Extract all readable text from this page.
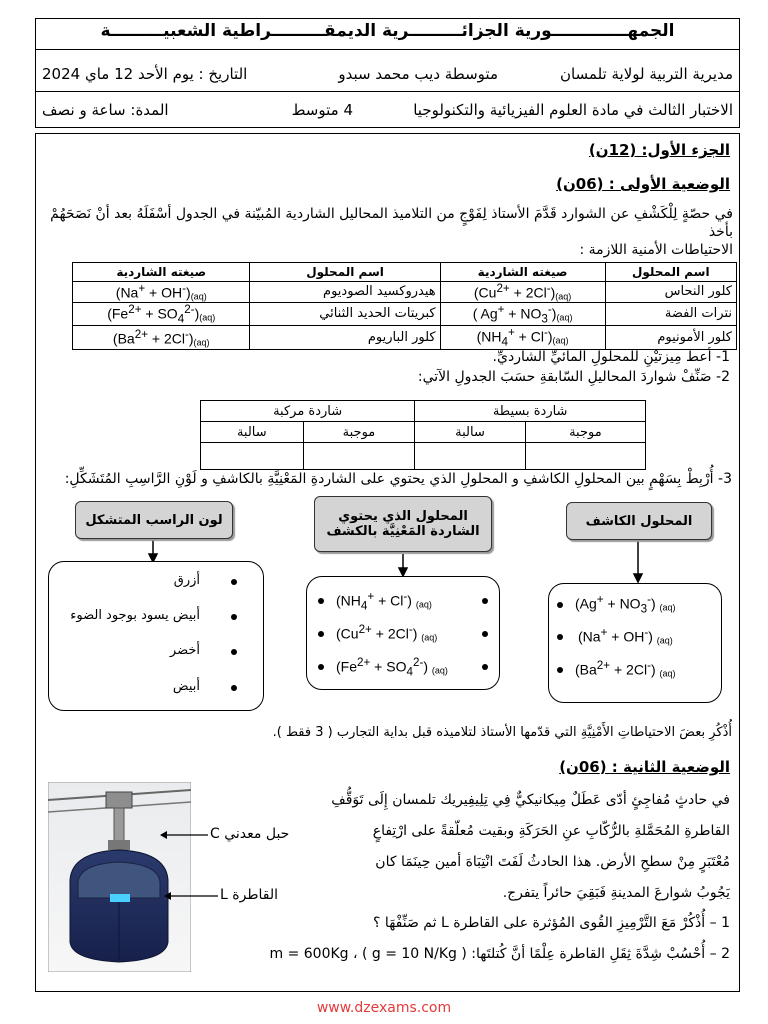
الجمهـــــــــــــورية الجزائـــــــــرية الديمقـــــــــراطية الشعبيـــــــــة
مديرية التربية لولاية تلمسان
متوسطة ديب محمد سبدو
التاريخ : يوم الأحد 12 ماي 2024
الاختبار الثالث في مادة العلوم الفيزيائية والتكنولوجيا
4 متوسط
المدة: ساعة و نصف
الجزء الأول: (12ن)
الوضعية الأولى : (06ن)
في حصّةٍ لِلْكَشْفِ عن الشوارد قَدَّمَ الأستاذ لِفَوْجٍ من التلاميذ المحاليل الشاردية المُبيّنة في الجدول أسْفَلَهُ بعد أنْ نَصَحَهُمْ بأخذ
الاحتياطات الأمنية اللازمة :
صيغته الشاردية	اسم المحلول	صيغته الشاردية	اسم المحلول
$(Na^+ + OH^-)_{(aq)}$	هيدروكسيد الصوديوم	$(Cu^{2+} + 2Cl^-)_{(aq)}$	كلور النحاس
$(Fe^{2+} + SO_4^{2-})_{(aq)}$	كبريتات الحديد الثنائي	( $Ag^+ + NO_3^-)_{(aq)}$	نترات الفضة
$(Ba^{2+} + 2Cl^-)_{(aq)}$	كلور الباريوم	$(NH_4^+ + Cl^-)_{(aq)}$	كلور الأمونيوم
1- أعط مِيزتيْنِ للمحلولِ المائيِّ الشارديِّ.
2- صَنِّفْ شواردَ المحاليلِ السّابقةِ حسَبَ الجدولِ الآتي:
شاردة بسيطة		شاردة مركبة	
موجبة	سالبة	موجبة	سالبة

3- أُرْبِطْ بِسَهْمٍ بين المحلولِ الكاشفِ و المحلولِ الذي يحتوي على الشاردةِ المَعْنِيَّةِ بالكاشفِ و لَوْنِ الرَّاسِبِ المُتَشَكِّلِ:
لون الراسب المتشكل	المحلول الذي يحتوي
الشاردة المَعْنِيَّة بالكشف
المحلول الكاشف
أزرق
أبيض يسود بوجود الضوء
أخضر
أبيض
$(NH_4^+ + Cl^-)$ $_{(aq)}$
$(Cu^{2+} + 2Cl^-)$ $_{(aq)}$
$(Fe^{2+} + SO_4^{2-})$ $_{(aq)}$
$(Ag^+ + NO_3^-)$ $_{(aq)}$
(Na+ + OH-) $_{(aq)}$
$(Ba^{2+} + 2Cl^-)$ $_{(aq)}$
أُذْكُرِ بعضَ الاحتياطاتِ الأَمْنِيَّةِ التي قدّمها الأستاذ لتلاميذه قبل بداية التجارب ( 3 فقط ).
الوضعية الثانية : (06ن)
في حادثٍ مُفاجِئٍ أدّى عَطَلٌ مِيكانيكيٌّ فِي تِلِيفِيريك تلمسان إِلَى تَوَقُّفِ
القاطرةِ المُحَمَّلةِ بالرُّكّابِ عنِ الحَرَكَةِ وبقيت مُعلّقةً على ارْتِفاعٍ
مُعْتَبَرٍ مِنْ سطحِ الأرض. هذا الحادثُ لَفَتَ انْتِبَاهَ أمين حِينَمَا كان
يَجُوبُ شوارعَ المدينةِ فَبَقِيَ حائراً يتفرج.
1 – أُذْكُرْ مَعَ التَّرْمِيزِ القُوى المُؤثرة على القاطرة L ثم صَنِّفْهَا ؟
2 – أُحْسُبْ شِدَّةَ ثِقَلِ القاطرة عِلْمًا أنَّ كُتلتَها: m = 600Kg ، ( g = 10 N/Kg )
حبل معدني C
القاطرة L
www.dzexams.com
